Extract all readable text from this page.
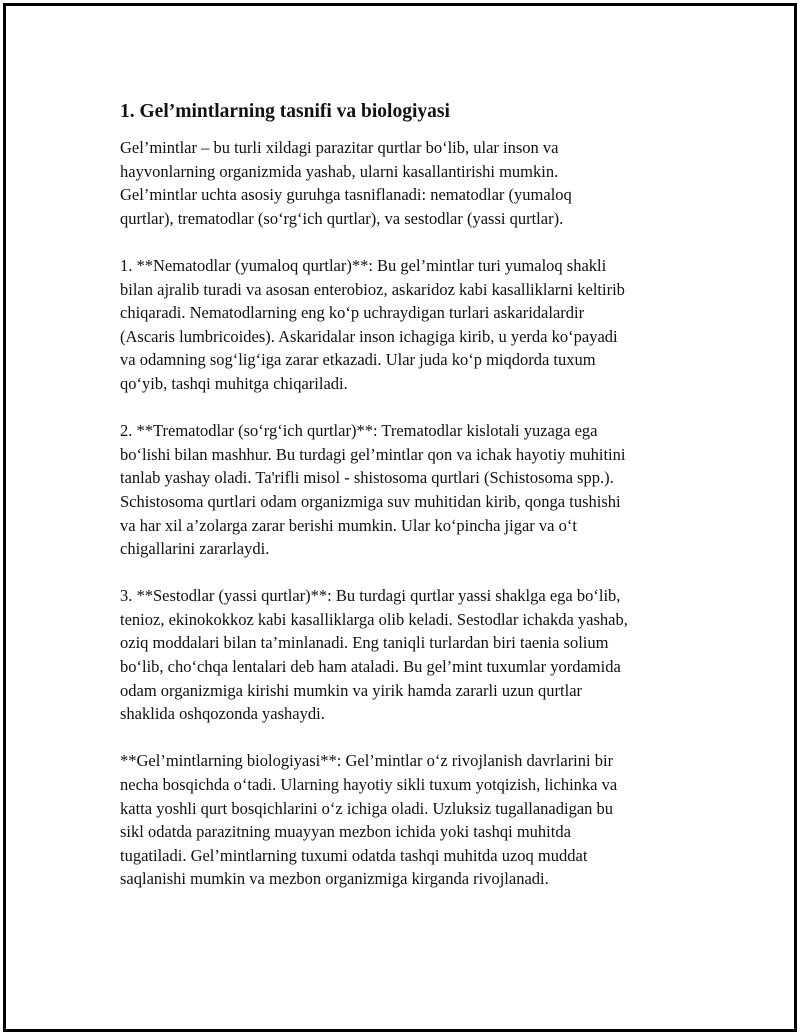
1. Gel’mintlarning tasnifi va biologiyasi
Gel’mintlar – bu turli xildagi parazitar qurtlar bo‘lib, ular inson va
hayvonlarning organizmida yashab, ularni kasallantirishi mumkin.
Gel’mintlar uchta asosiy guruhga tasniflanadi: nematodlar (yumaloq
qurtlar), trematodlar (so‘rg‘ich qurtlar), va sestodlar (yassi qurtlar).
1. **Nematodlar (yumaloq qurtlar)**: Bu gel’mintlar turi yumaloq shakli
bilan ajralib turadi va asosan enterobioz, askaridoz kabi kasalliklarni keltirib
chiqaradi. Nematodlarning eng ko‘p uchraydigan turlari askaridalardir
(Ascaris lumbricoides). Askaridalar inson ichagiga kirib, u yerda ko‘payadi
va odamning sog‘lig‘iga zarar etkazadi. Ular juda ko‘p miqdorda tuxum
qo‘yib, tashqi muhitga chiqariladi.
2. **Trematodlar (so‘rg‘ich qurtlar)**: Trematodlar kislotali yuzaga ega
bo‘lishi bilan mashhur. Bu turdagi gel’mintlar qon va ichak hayotiy muhitini
tanlab yashay oladi. Ta'rifli misol - shistosoma qurtlari (Schistosoma spp.).
Schistosoma qurtlari odam organizmiga suv muhitidan kirib, qonga tushishi
va har xil a’zolarga zarar berishi mumkin. Ular ko‘pincha jigar va o‘t
chigallarini zararlaydi.
3. **Sestodlar (yassi qurtlar)**: Bu turdagi qurtlar yassi shaklga ega bo‘lib,
tenioz, ekinokokkoz kabi kasalliklarga olib keladi. Sestodlar ichakda yashab,
oziq moddalari bilan ta’minlanadi. Eng taniqli turlardan biri taenia solium
bo‘lib, cho‘chqa lentalari deb ham ataladi. Bu gel’mint tuxumlar yordamida
odam organizmiga kirishi mumkin va yirik hamda zararli uzun qurtlar
shaklida oshqozonda yashaydi.
**Gel’mintlarning biologiyasi**: Gel’mintlar o‘z rivojlanish davrlarini bir
necha bosqichda o‘tadi. Ularning hayotiy sikli tuxum yotqizish, lichinka va
katta yoshli qurt bosqichlarini o‘z ichiga oladi. Uzluksiz tugallanadigan bu
sikl odatda parazitning muayyan mezbon ichida yoki tashqi muhitda
tugatiladi. Gel’mintlarning tuxumi odatda tashqi muhitda uzoq muddat
saqlanishi mumkin va mezbon organizmiga kirganda rivojlanadi.
